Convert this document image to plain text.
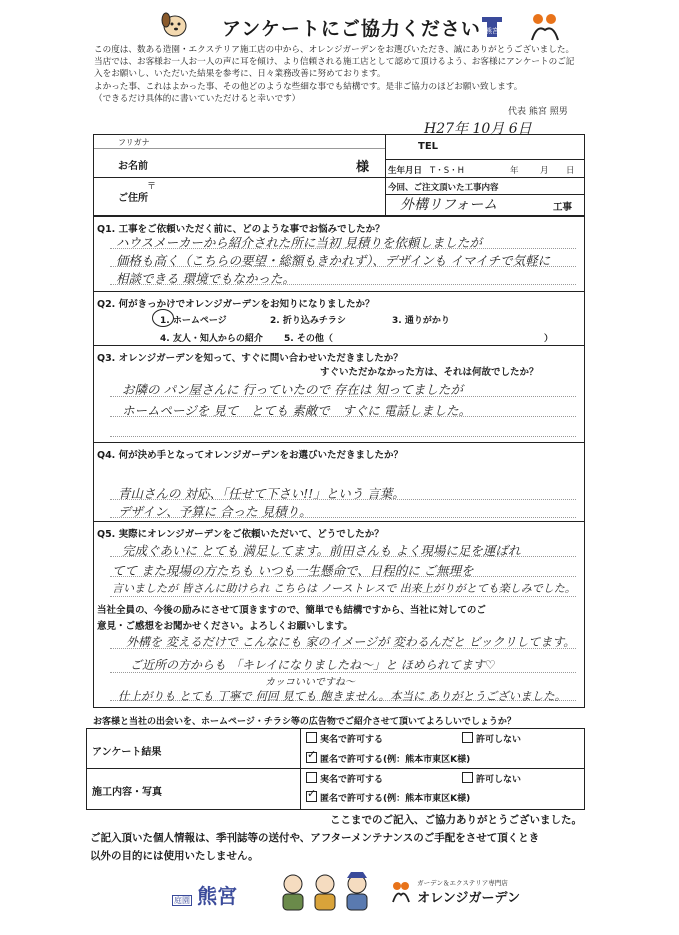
アンケートにご協力ください 熊宮
この度は、数ある造園・エクステリア施工店の中から、オレンジガーデンをお選びいただき、誠にありがとうございました。
当店では、お客様お一人お一人の声に耳を傾け、より信頼される施工店として認めて頂けるよう、お客様にアンケートのご記
入をお願いし、いただいた結果を参考に、日々業務改善に努めております。
よかった事、これはよかった事、その他どのような些細な事でも結構です。是非ご協力のほどお願い致します。
（できるだけ具体的に書いていただけると幸いです）
代表 熊宮 照男
H27年 10月 6日
フリガナ
お名前	様
ご住所
〒
TEL
生年月日 T・S・H	年	月 日
今回、ご注文頂いた工事内容
外構リフォーム	工事
Q1. 工事をご依頼いただく前に、どのような事でお悩みでしたか？
ハウスメーカーから紹介された所に当初 見積りを依頼しましたが
価格も高く（こちらの要望・総額もきかれず）、デザインも イマイチで気軽に
相談できる 環境でもなかった。
Q2. 何がきっかけでオレンジガーデンをお知りになりましたか？
1. ホームページ	2. 折り込みチラシ	3. 通りがかり
4. 友人・知人からの紹介 5. その他（	）
Q3. オレンジガーデンを知って、すぐに問い合わせいただきましたか？
すぐいただかなかった方は、それは何故でしたか？
お隣の パン屋さんに 行っていたので 存在は 知ってましたが
ホームページを 見て　とても 素敵で　すぐに 電話しました。
Q4. 何が決め手となってオレンジガーデンをお選びいただきましたか？
青山さんの 対応、「任せて下さい!!」という 言葉。
デザイン、予算に 合った 見積り。
Q5. 実際にオレンジガーデンをご依頼いただいて、どうでしたか？
完成ぐあいに とても 満足してます。前田さんも よく現場に足を運ばれ
てて また現場の方たちも いつも一生懸命で、日程的に ご無理を
言いましたが 皆さんに助けられ こちらは ノーストレスで 出来上がりがとても楽しみでした。
当社全員の、今後の励みにさせて頂きますので、簡単でも結構ですから、当社に対してのご
意見・ご感想をお聞かせください。よろしくお願いします。
外構を 変えるだけで こんなにも 家のイメージが 変わるんだと ビックリしてます。
ご近所の方からも 「キレイになりましたね～」と ほめられてます♡
カッコいいですね～
仕上がりも とても 丁寧で 何回 見ても 飽きません。本当に ありがとうございました。
お客様と当社の出会いを、ホームページ・チラシ等の広告物でご紹介させて頂いてよろしいでしょうか？
アンケート結果
実名で許可する	許可しない
✓匿名で許可する(例：熊本市東区K様)
施工内容・写真
実名で許可する	許可しない
✓匿名で許可する(例：熊本市東区K様)
ここまでのご記入、ご協力ありがとうございました。
ご記入頂いた個人情報は、季刊誌等の送付や、アフターメンテナンスのご手配をさせて頂くとき
以外の目的には使用いたしません。
庭園 熊宮

ガーデン＆エクステリア専門店
オレンジガーデン
